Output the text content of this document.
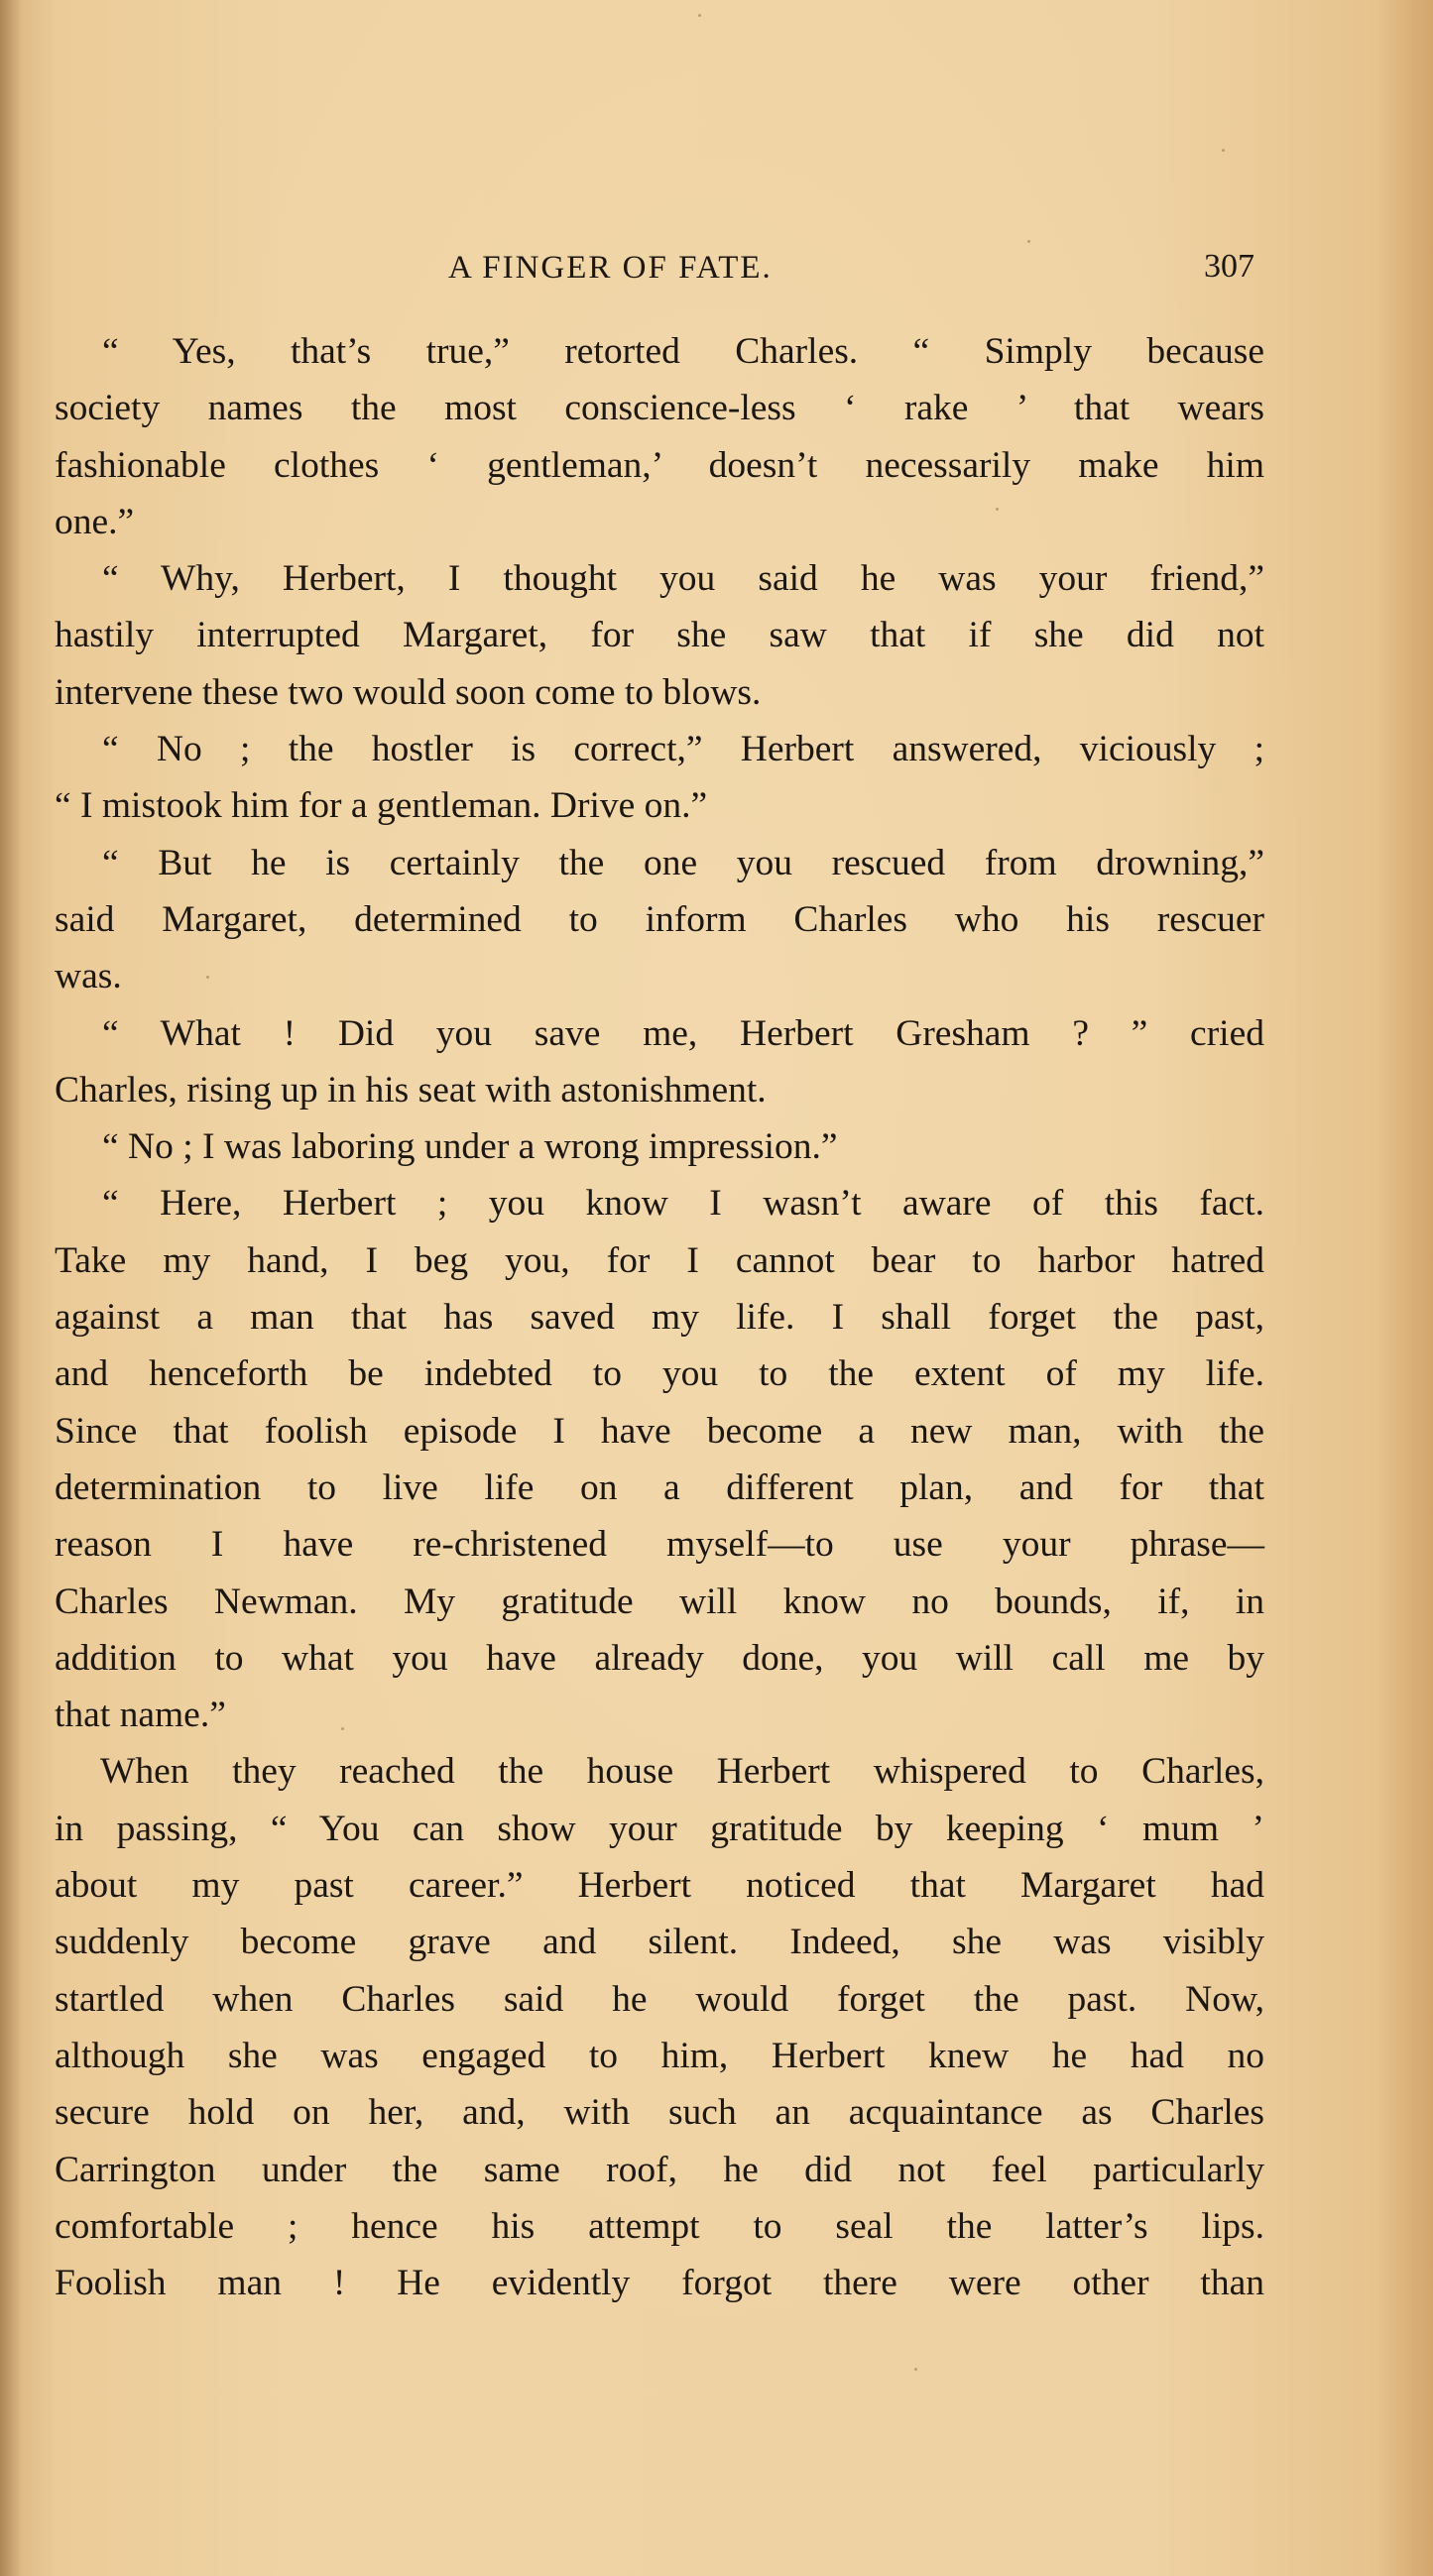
A FINGER OF FATE.	307
“ Yes, that’s true,” retorted Charles. “ Simply because
society names the most conscience-less ‘ rake ’ that wears
fashionable clothes ‘ gentleman,’ doesn’t necessarily make him
one.”
“ Why, Herbert, I thought you said he was your friend,”
hastily interrupted Margaret, for she saw that if she did not
intervene these two would soon come to blows.
“ No ; the hostler is correct,” Herbert answered, viciously ;
“ I mistook him for a gentleman. Drive on.”
“ But he is certainly the one you rescued from drowning,”
said Margaret, determined to inform Charles who his rescuer
was.
“ What ! Did you save me, Herbert Gresham ? ” cried
Charles, rising up in his seat with astonishment.
“ No ; I was laboring under a wrong impression.”
“ Here, Herbert ; you know I wasn’t aware of this fact.
Take my hand, I beg you, for I cannot bear to harbor hatred
against a man that has saved my life. I shall forget the past,
and henceforth be indebted to you to the extent of my life.
Since that foolish episode I have become a new man, with the
determination to live life on a different plan, and for that
reason I have re-christened myself—to use your phrase—
Charles Newman. My gratitude will know no bounds, if, in
addition to what you have already done, you will call me by
that name.”
When they reached the house Herbert whispered to Charles,
in passing, “ You can show your gratitude by keeping ‘ mum ’
about my past career.” Herbert noticed that Margaret had
suddenly become grave and silent. Indeed, she was visibly
startled when Charles said he would forget the past. Now,
although she was engaged to him, Herbert knew he had no
secure hold on her, and, with such an acquaintance as Charles
Carrington under the same roof, he did not feel particularly
comfortable ; hence his attempt to seal the latter’s lips.
Foolish man ! He evidently forgot there were other than
